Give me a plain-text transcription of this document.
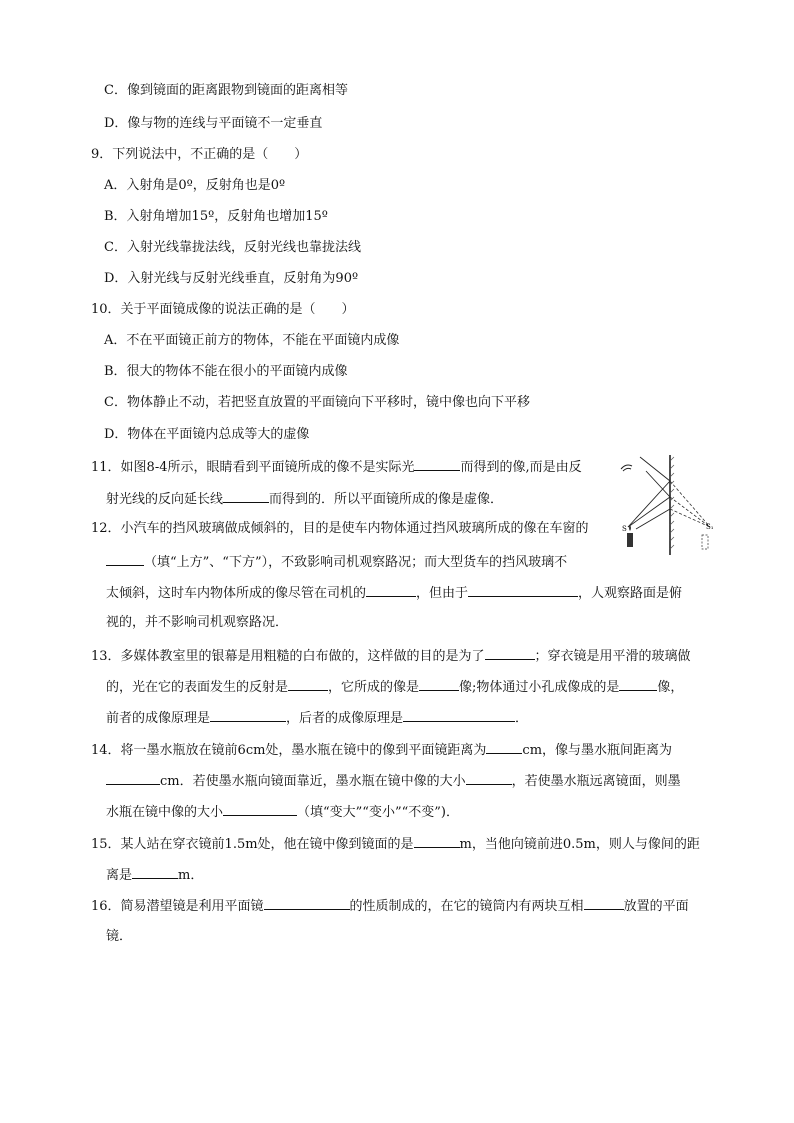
C．像到镜面的距离跟物到镜面的距离相等
D．像与物的连线与平面镜不一定垂直
9．下列说法中，不正确的是（　　）
A．入射角是0º，反射角也是0º
B．入射角增加15º，反射角也增加15º
C．入射光线靠拢法线，反射光线也靠拢法线
D．入射光线与反射光线垂直，反射角为90º
10．关于平面镜成像的说法正确的是（　　）
A．不在平面镜正前方的物体，不能在平面镜内成像
B．很大的物体不能在很小的平面镜内成像
C．物体静止不动，若把竖直放置的平面镜向下平移时，镜中像也向下平移
D．物体在平面镜内总成等大的虚像
11．如图8-4所示，眼睛看到平面镜所成的像不是实际光	而得到的像,而是由反
射光线的反向延长线	而得到的．所以平面镜所成的像是虚像．
S	S₁
12．小汽车的挡风玻璃做成倾斜的，目的是使车内物体通过挡风玻璃所成的像在车窗的
（填“上方”、“下方”），不致影响司机观察路况；而大型货车的挡风玻璃不
太倾斜，这时车内物体所成的像尽管在司机的	，但由于	，人观察路面是俯
视的，并不影响司机观察路况．
13．多媒体教室里的银幕是用粗糙的白布做的，这样做的目的是为了	；穿衣镜是用平滑的玻璃做
的，光在它的表面发生的反射是	，它所成的像是	像;物体通过小孔成像成的是	像，
前者的成像原理是	，后者的成像原理是	．
14．将一墨水瓶放在镜前6cm处，墨水瓶在镜中的像到平面镜距离为	cm，像与墨水瓶间距离为
cm．若使墨水瓶向镜面靠近，墨水瓶在镜中像的大小	，若使墨水瓶远离镜面，则墨
水瓶在镜中像的大小	（填“变大”“变小”“不变”)．
15．某人站在穿衣镜前1.5m处，他在镜中像到镜面的是	m，当他向镜前进0.5m，则人与像间的距
离是	m．
16．简易潜望镜是利用平面镜	的性质制成的，在它的镜筒内有两块互相	放置的平面
镜．
